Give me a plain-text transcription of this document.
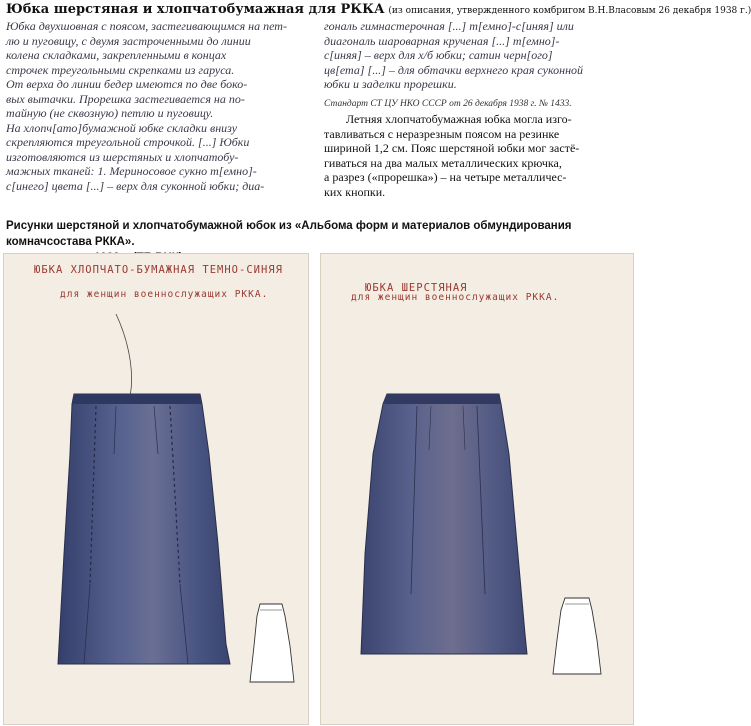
Юбка шерстяная и хлопчатобумажная для РККА (из описания, утвержденного комбригом В.Н.Власовым 26 декабря 1938 г.)
Юбка двухшовная с поясом, застегивающимся на пет-
лю и пуговицу, с двумя застроченными до линии
колена складками, закрепленными в концах
строчек треугольными скрепками из гаруса.
От верха до линии бедер имеются по две боко-
вых вытачки. Прорешка застегивается на по-
тайную (не сквозную) петлю и пуговицу.
На хлопч[ато]бумажной юбке складки внизу
скрепляются треугольной строчкой. [...] Юбки
изготовляются из шерстяных и хлопчатобу-
мажных тканей: 1. Мериносовое сукно т[емно]-
с[инего] цвета [...] – верх для суконной юбки; диа-
гональ гимнастерочная [...] т[емно]-с[иняя] или
диагональ шароварная крученая [...] т[емно]-
с[иняя] – верх для х/б юбки; сатин черн[ого]
цв[ета] [...] – для обтачки верхнего края суконной
юбки и заделки прорешки.
Стандарт СТ ЦУ НКО СССР от 26 декабря 1938 г. № 1433.
Летняя хлопчатобумажная юбка могла изго-
тавливаться с неразрезным поясом на резинке
шириной 1,2 см. Пояс шерстяной юбки мог застё-
гиваться на два малых металлических крючка,
а разрез («прорешка») – на четырe металличес-
ких кнопки.
Рисунки шерстяной и хлопчатобумажной юбок из «Альбома форм и материалов обмундирования комначсостава РККА».
ЮБКА ХЛОПЧАТО-БУМАЖНАЯ ТЕМНО-СИНЯЯ
для женщин военнослужащих РККА.
ЮБКА ШЕРСТЯНАЯ
для женщин военнослужащих РККА.
